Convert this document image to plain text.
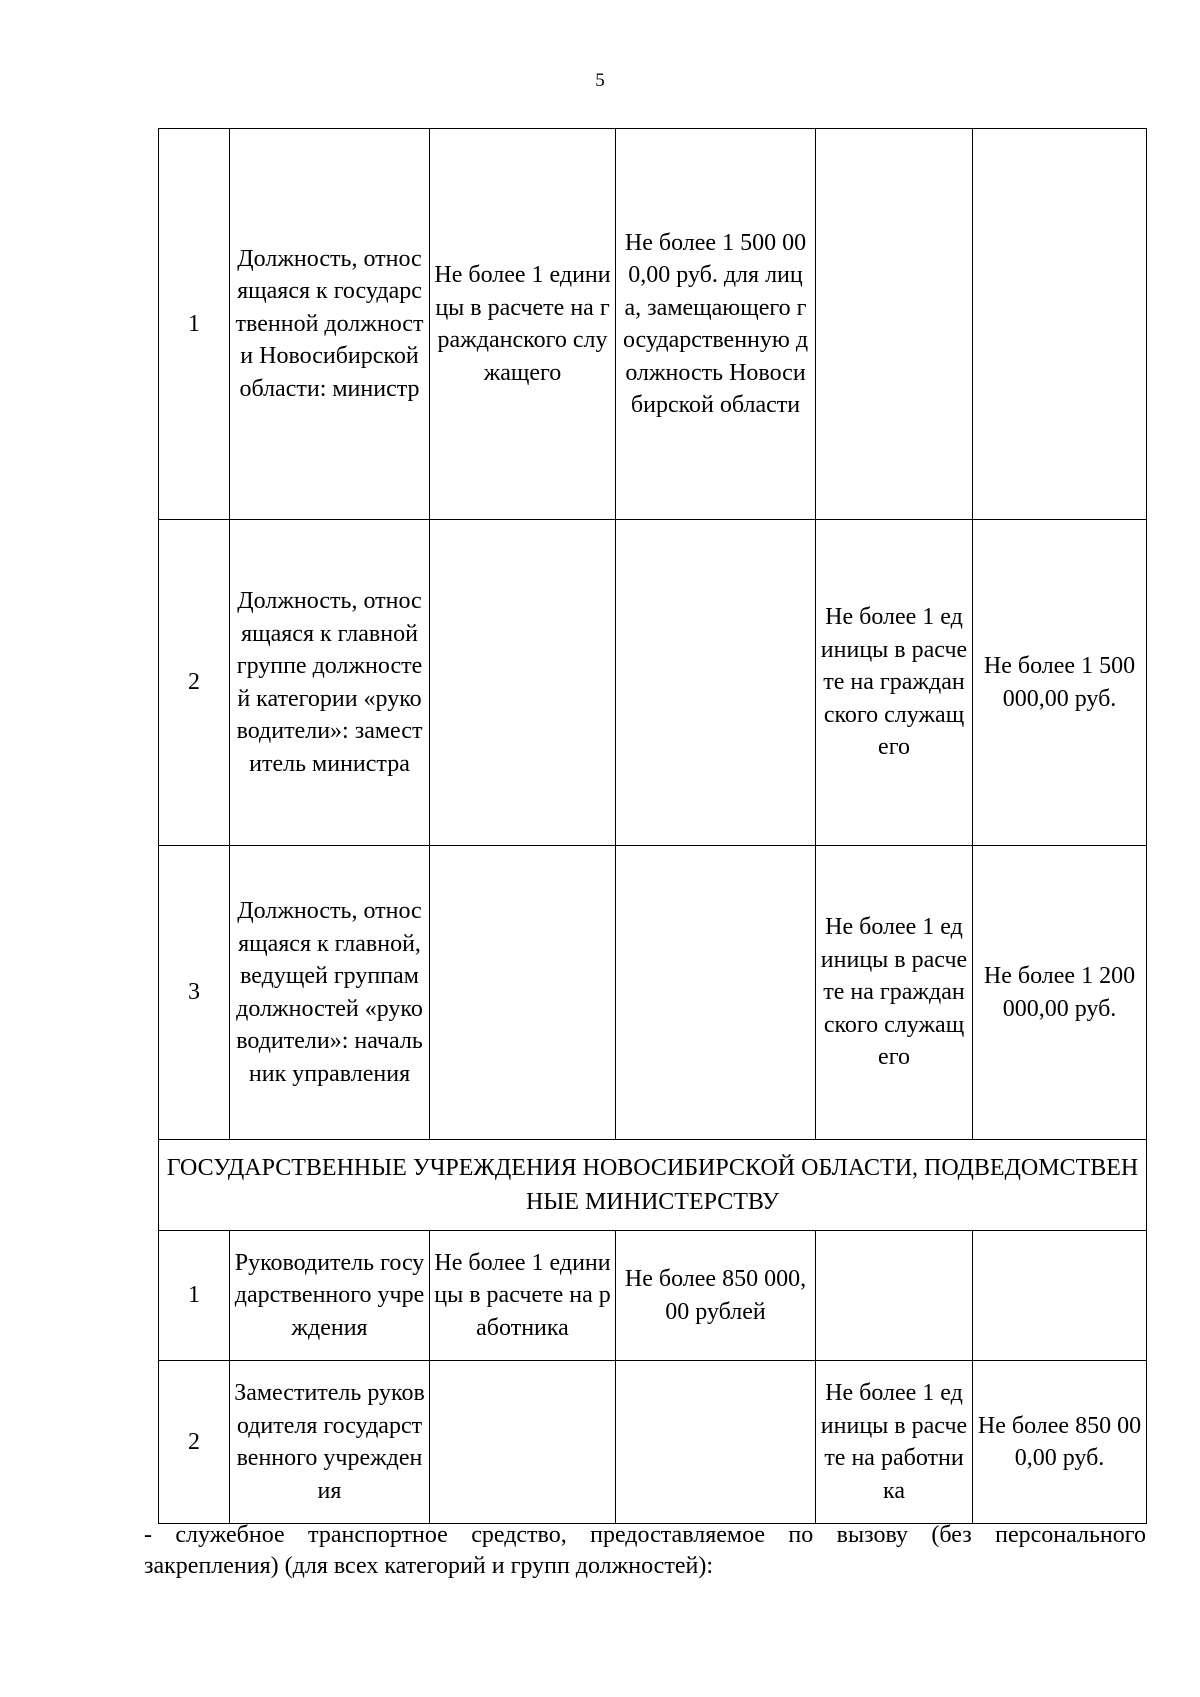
5
1	Должность, относящаяся к государственной должности Новосибирской области: министр	Не более 1 единицы в расчете на гражданского служащего	Не более 1 500 000,00 руб. для лица, замещающего государственную должность Новосибирской области		
2	Должность, относящаяся к главной группе должностей категории «руководители»: заместитель министра			Не более 1 единицы в расчете на гражданского служащего	Не более 1 500 000,00 руб.
3	Должность, относящаяся к главной, ведущей группам должностей «руководители»: начальник управления			Не более 1 единицы в расчете на гражданского служащего	Не более 1 200 000,00 руб.
ГОСУДАРСТВЕННЫЕ УЧРЕЖДЕНИЯ НОВОСИБИРСКОЙ ОБЛАСТИ, ПОДВЕДОМСТВЕННЫЕ МИНИСТЕРСТВУ					
1	Руководитель государственного учреждения	Не более 1 единицы в расчете на работника	Не более 850 000,00 рублей		
2	Заместитель руководителя государственного учреждения			Не более 1 единицы в расчете на работника	Не более 850 000,00 руб.
- служебное транспортное средство, предоставляемое по вызову (без персонального закрепления) (для всех категорий и групп должностей):
